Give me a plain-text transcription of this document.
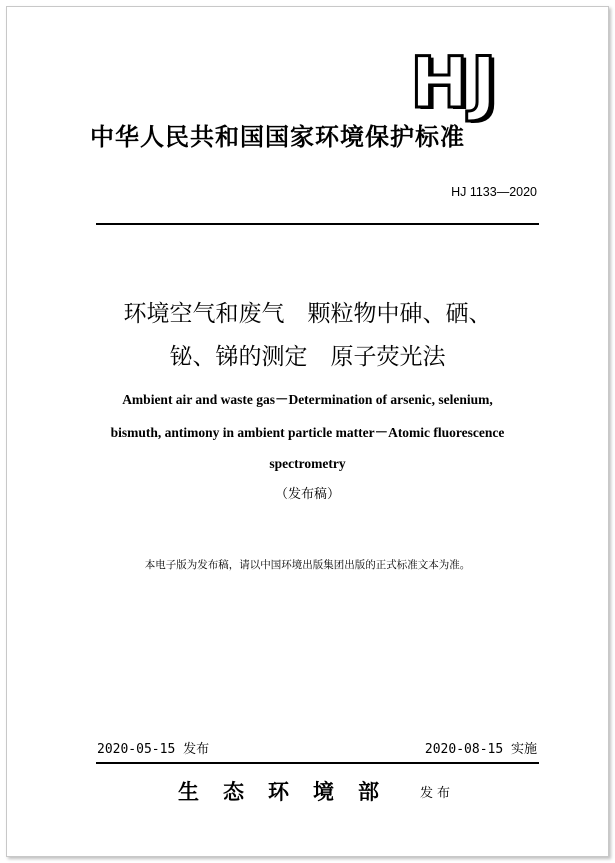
HJ
中华人民共和国国家环境保护标准
HJ 1133—2020
环境空气和废气　颗粒物中砷、硒、
铋、锑的测定　原子荧光法
Ambient air and waste gas－Determination of arsenic, selenium,
bismuth, antimony in ambient particle matter－Atomic fluorescence
spectrometry
（发布稿）
本电子版为发布稿，请以中国环境出版集团出版的正式标准文本为准。
2020-05-15 发布	2020-08-15 实施
生态环境部 发布
